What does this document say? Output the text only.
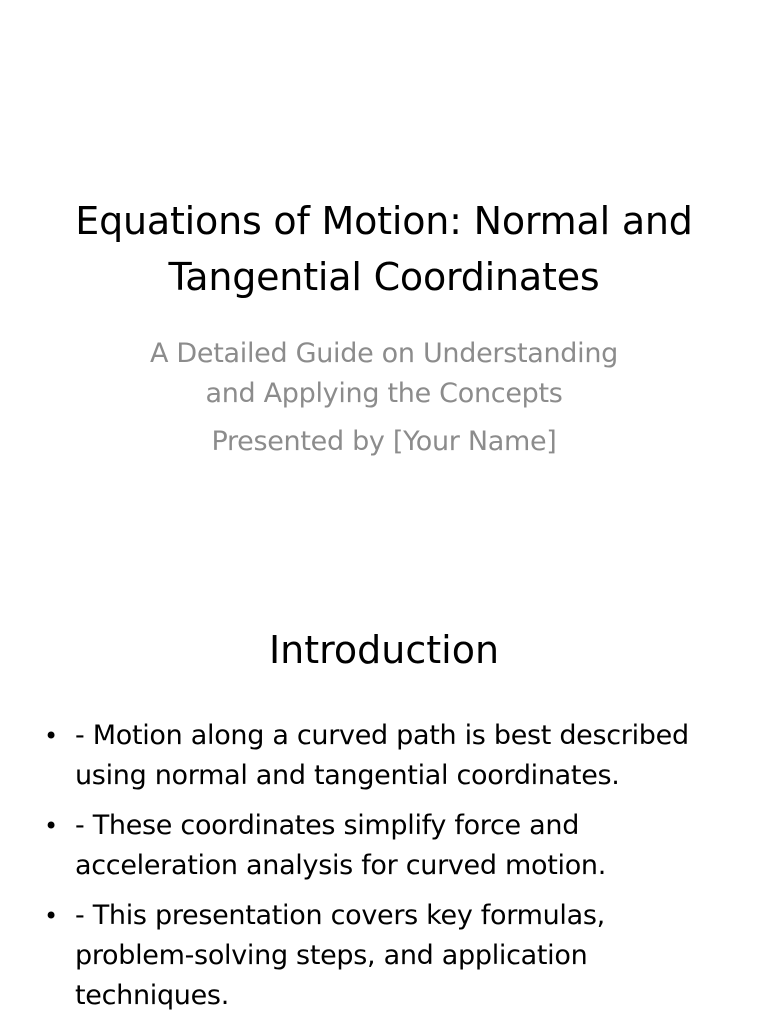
Equations of Motion: Normal and
Tangential Coordinates
A Detailed Guide on Understanding
and Applying the Concepts
Presented by [Your Name]
Introduction
• - Motion along a curved path is best described
using normal and tangential coordinates.
• - These coordinates simplify force and
acceleration analysis for curved motion.
• - This presentation covers key formulas,
problem-solving steps, and application
techniques.
